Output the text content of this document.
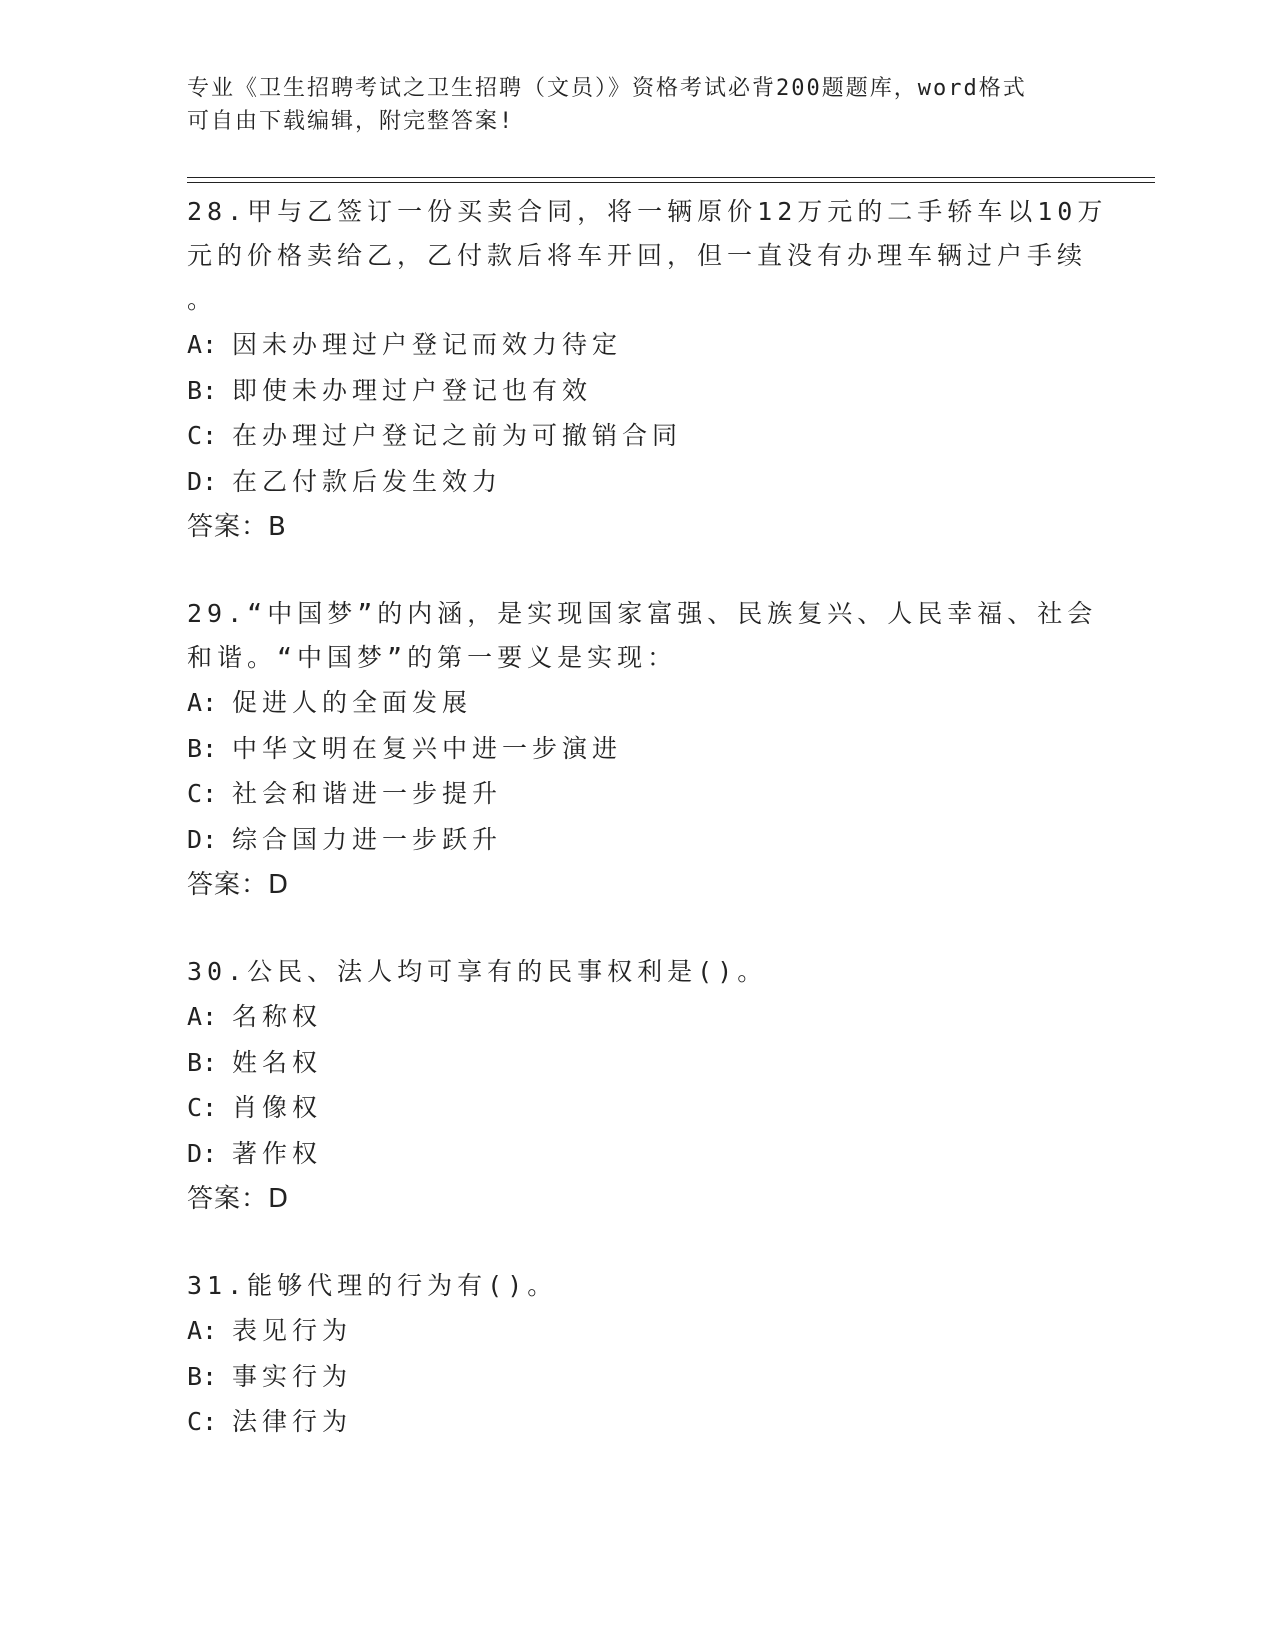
专业《卫生招聘考试之卫生招聘（文员）》资格考试必背200题题库，word格式
可自由下载编辑，附完整答案!

28.甲与乙签订一份买卖合同，将一辆原价12万元的二手轿车以10万
元的价格卖给乙，乙付款后将车开回，但一直没有办理车辆过户手续
。

A: 因未办理过户登记而效力待定

B: 即使未办理过户登记也有效

C: 在办理过户登记之前为可撤销合同

D: 在乙付款后发生效力

答案：B

29.“中国梦”的内涵，是实现国家富强、民族复兴、人民幸福、社会
和谐。“中国梦”的第一要义是实现：

A: 促进人的全面发展

B: 中华文明在复兴中进一步演进

C: 社会和谐进一步提升

D: 综合国力进一步跃升

答案：D

30.公民、法人均可享有的民事权利是()。

A: 名称权

B: 姓名权

C: 肖像权

D: 著作权

答案：D

31.能够代理的行为有()。

A: 表见行为

B: 事实行为

C: 法律行为
